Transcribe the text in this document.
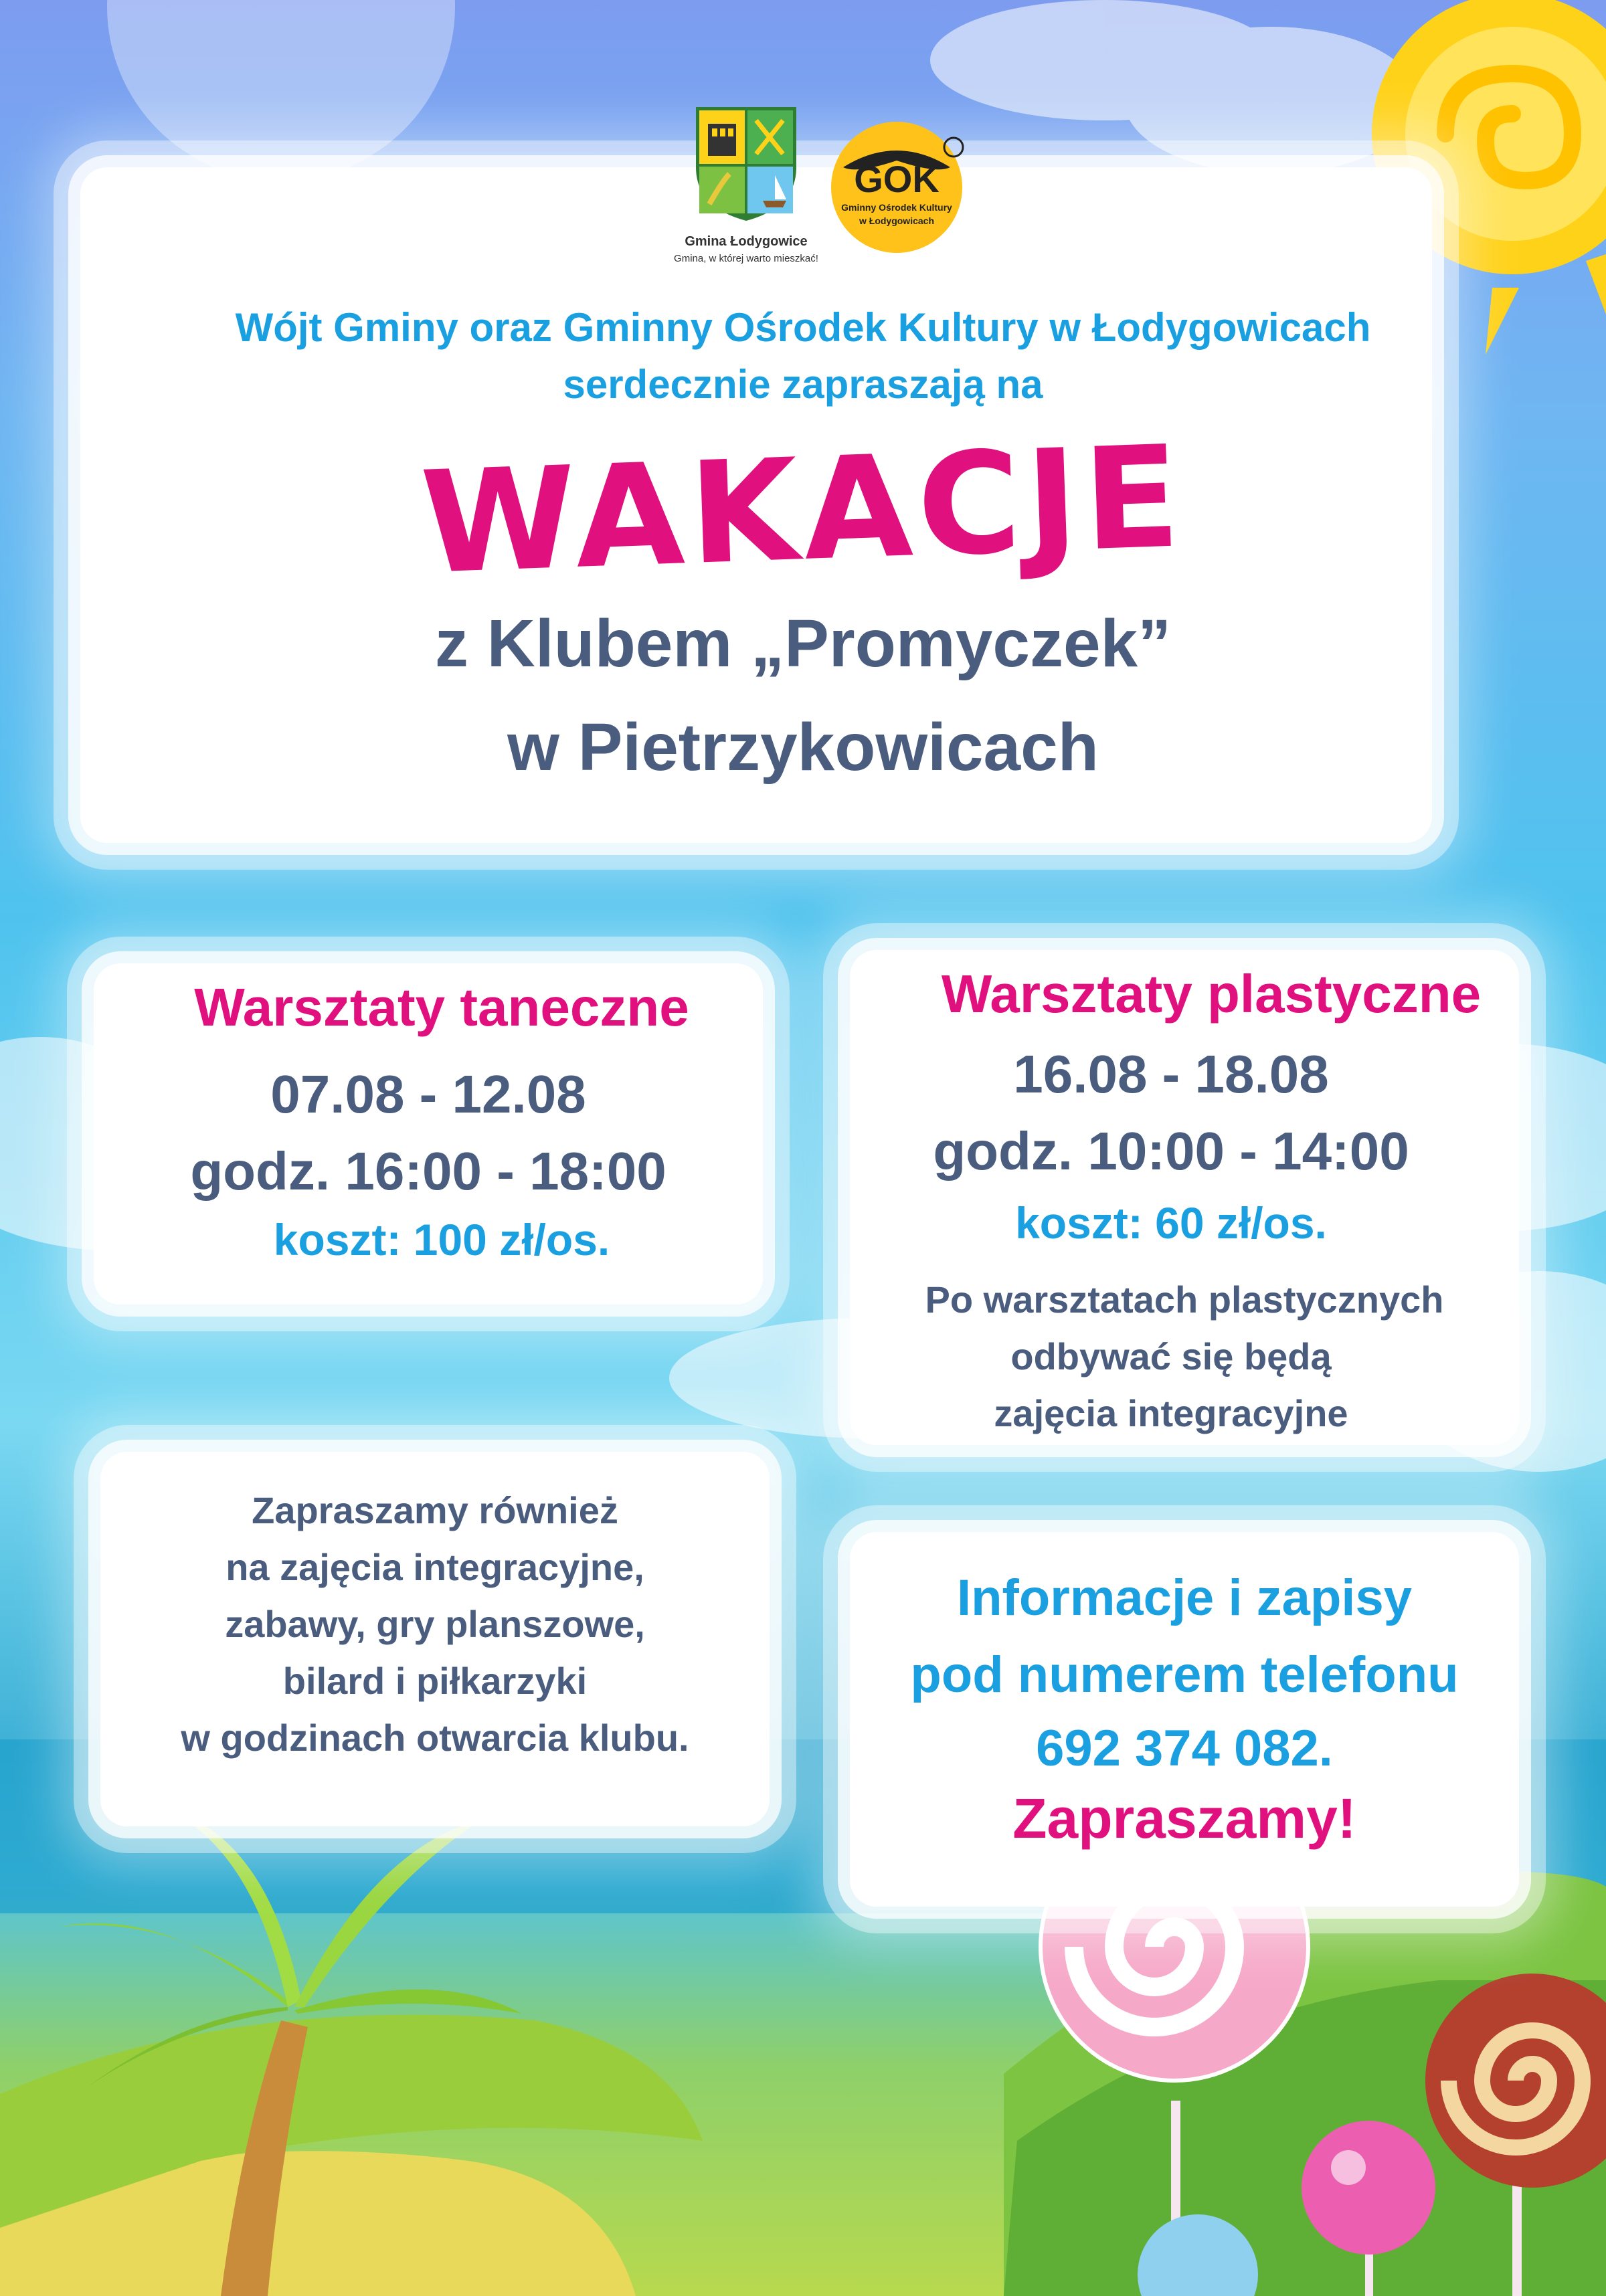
Gmina Łodygowice
Gmina, w której warto mieszkać!
GOK
Gminny Ośrodek Kultury
w Łodygowicach
Wójt Gminy oraz Gminny Ośrodek Kultury w Łodygowicach
serdecznie zapraszają na
WAKACJE
z Klubem „Promyczek”
w Pietrzykowicach
Warsztaty taneczne
07.08 - 12.08
godz. 16:00 - 18:00
koszt: 100 zł/os.
Warsztaty plastyczne
16.08 - 18.08
godz. 10:00 - 14:00
koszt: 60 zł/os.
Po warsztatach plastycznych
odbywać się będą
zajęcia integracyjne
Zapraszamy również
na zajęcia integracyjne,
zabawy, gry planszowe,
bilard i piłkarzyki
w godzinach otwarcia klubu.
Informacje i zapisy
pod numerem telefonu
692 374 082.
Zapraszamy!
